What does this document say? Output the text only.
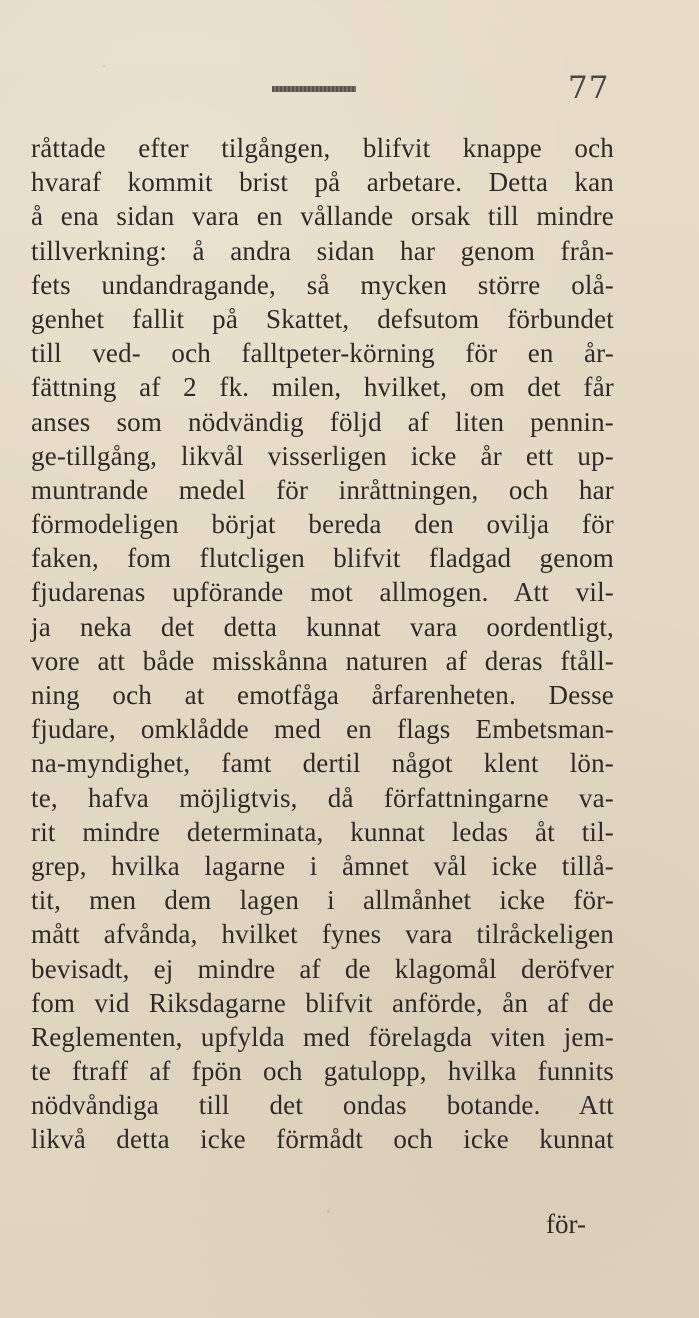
77
råttade efter tilgången, blifvit knappe och
hvaraf kommit brist på arbetare. Detta kan
å ena sidan vara en vållande orsak till mindre
tillverkning: å andra sidan har genom från-
fets undandragande, så mycken större olå-
genhet fallit på Skattet, defsutom förbundet
till ved- och falltpeter-körning för en år-
fättning af 2 fk. milen, hvilket, om det får
anses som nödvändig följd af liten pennin-
ge-tillgång, likvål visserligen icke år ett up-
muntrande medel för inråttningen, och har
förmodeligen börjat bereda den ovilja för
faken, fom flutcligen blifvit fladgad genom
fjudarenas upförande mot allmogen. Att vil-
ja neka det detta kunnat vara oordentligt,
vore att både misskånna naturen af deras ftåll-
ning och at emotfåga årfarenheten. Desse
fjudare, omklådde med en flags Embetsman-
na-myndighet, famt dertil något klent lön-
te, hafva möjligtvis, då författningarne va-
rit mindre determinata, kunnat ledas åt til-
grep, hvilka lagarne i åmnet vål icke tillå-
tit, men dem lagen i allmånhet icke för-
mått afvånda, hvilket fynes vara tilråckeligen
bevisadt, ej mindre af de klagomål deröfver
fom vid Riksdagarne blifvit anförde, ån af de
Reglementen, upfylda med förelagda viten jem-
te ftraff af fpön och gatulopp, hvilka funnits
nödvåndiga till det ondas botande. Att
likvå detta icke förmådt och icke kunnat
för-
